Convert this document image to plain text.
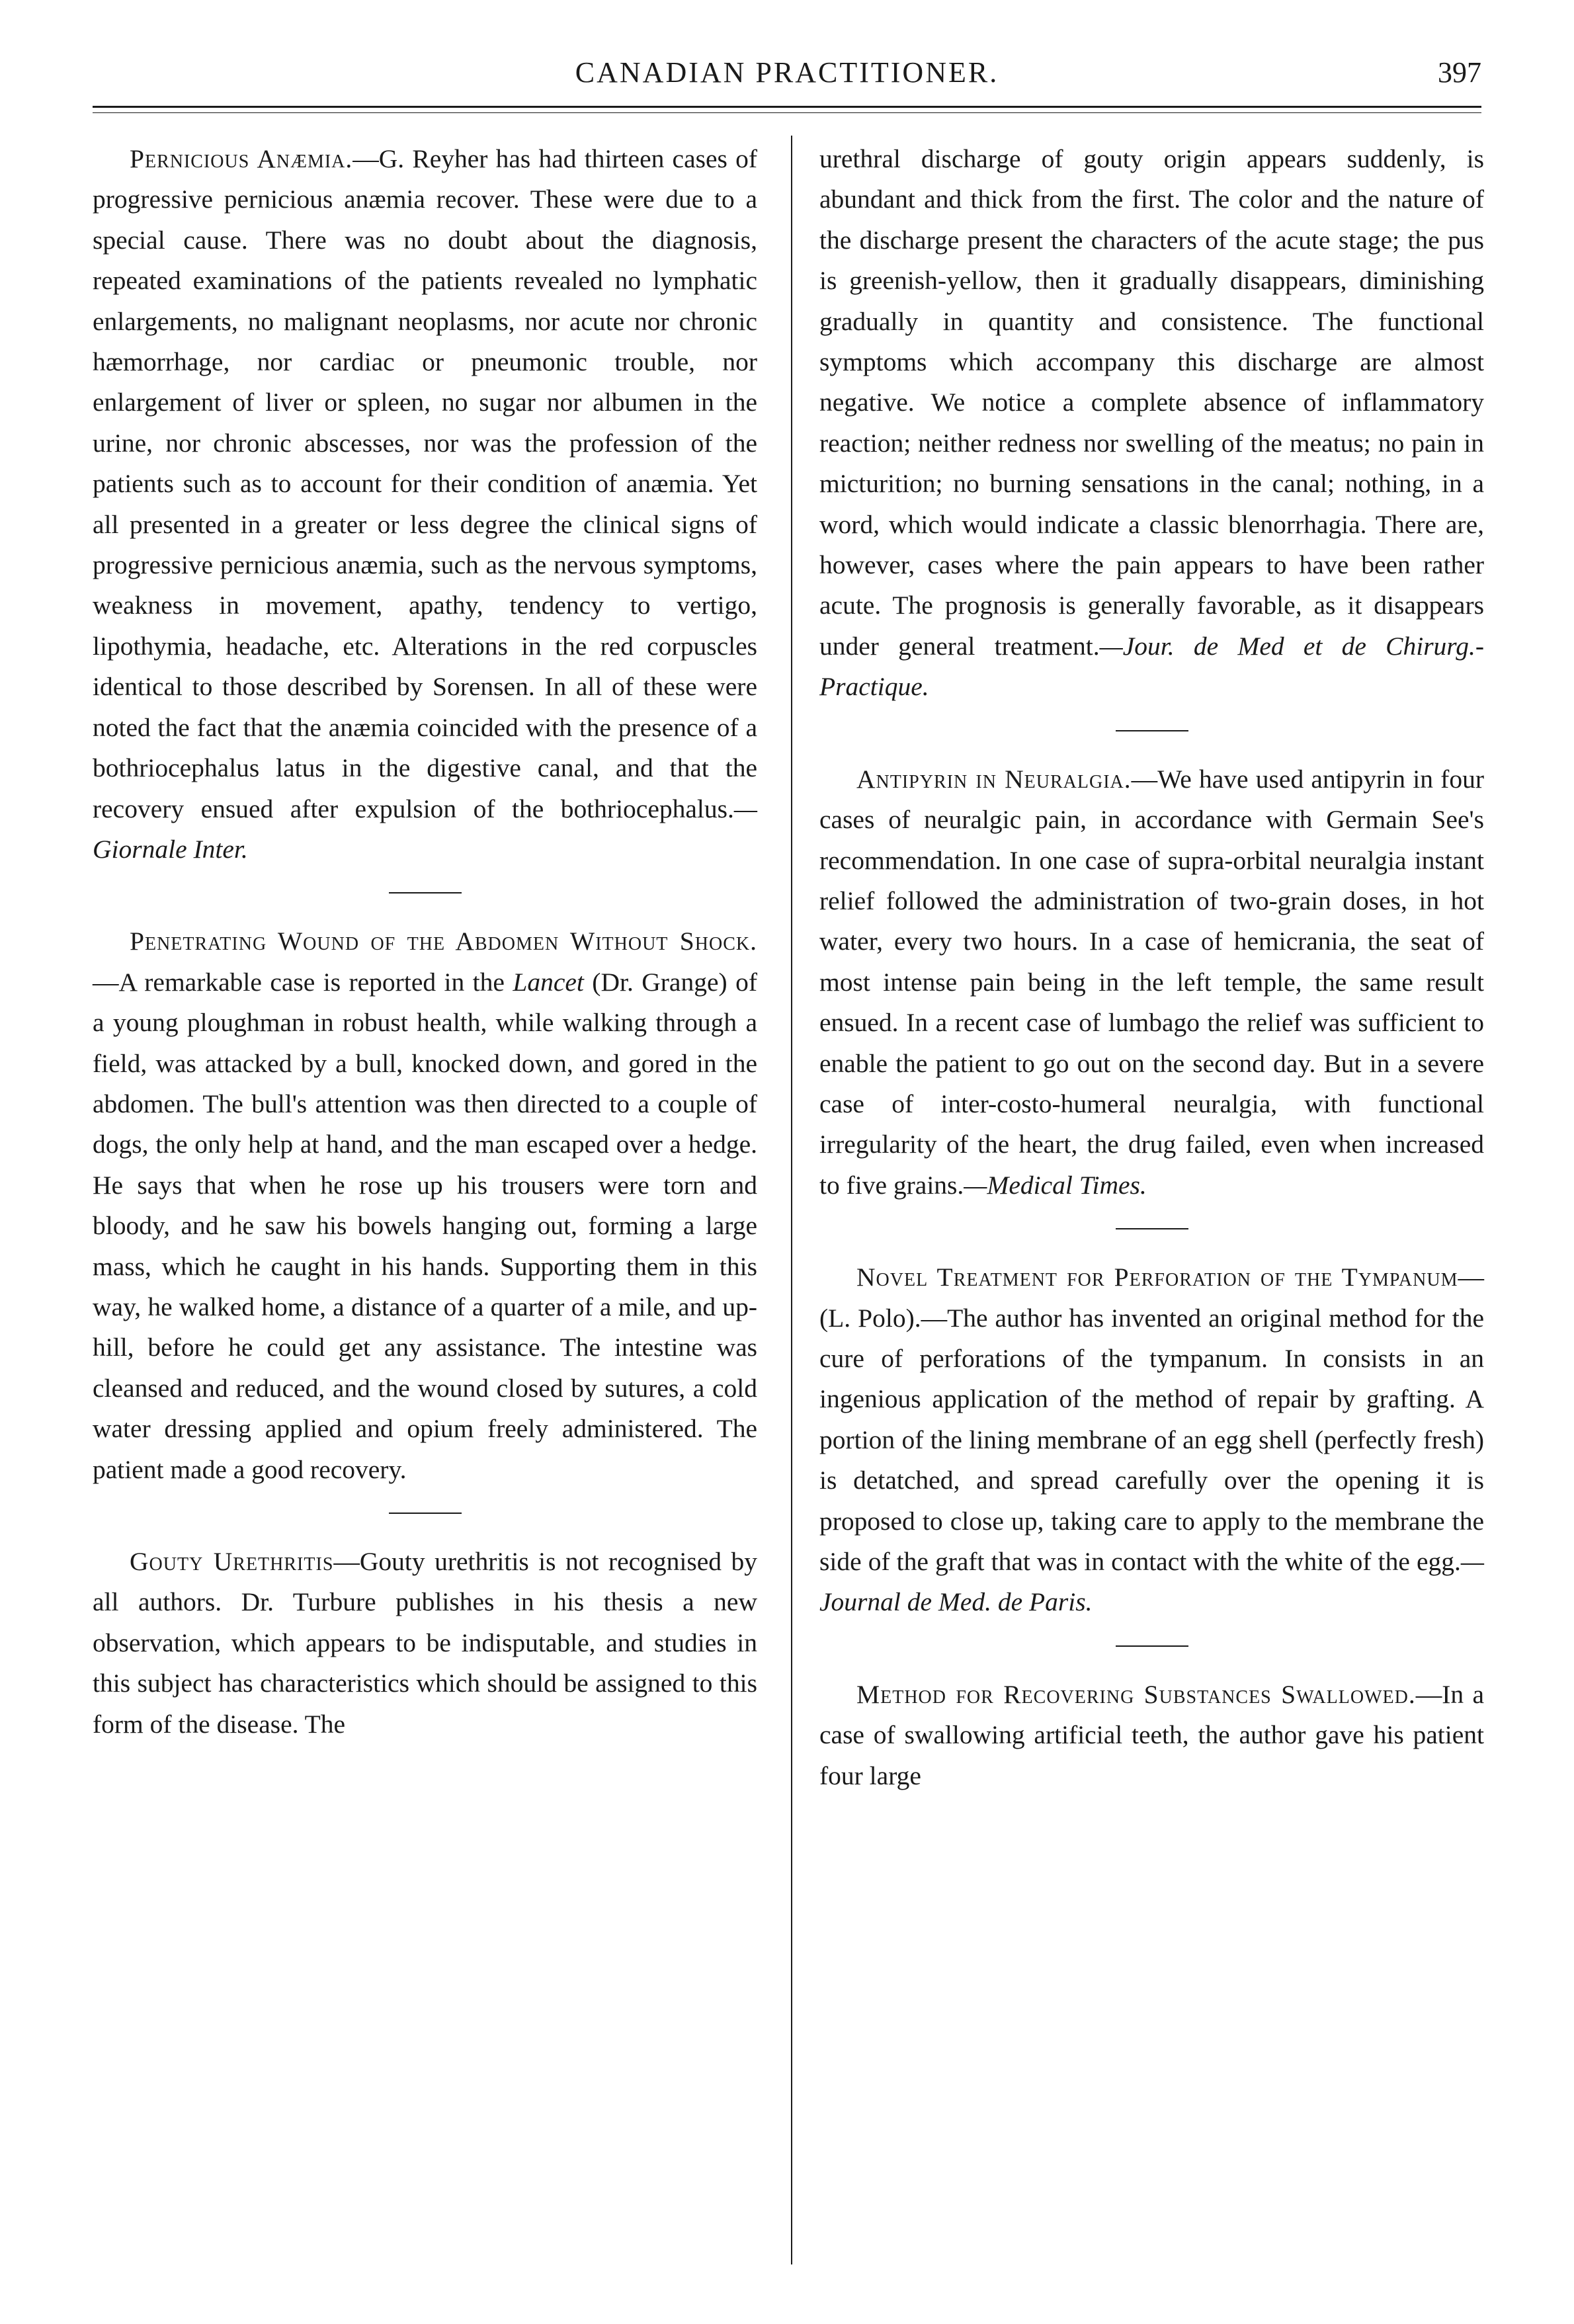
CANADIAN PRACTITIONER.	397

Pernicious Anæmia.—G. Reyher has had thirteen cases of progressive pernicious anæmia recover. These were due to a special cause. There was no doubt about the diagnosis, repeated examinations of the patients revealed no lymphatic enlargements, no malignant neoplasms, nor acute nor chronic hæmorrhage, nor cardiac or pneumonic trouble, nor enlargement of liver or spleen, no sugar nor albumen in the urine, nor chronic abscesses, nor was the profession of the patients such as to account for their condition of anæmia. Yet all presented in a greater or less degree the clinical signs of progressive pernicious anæmia, such as the nervous symptoms, weakness in movement, apathy, tendency to vertigo, lipothymia, headache, etc. Alterations in the red corpuscles identical to those described by Sorensen. In all of these were noted the fact that the anæmia coincided with the presence of a bothriocephalus latus in the digestive canal, and that the recovery ensued after expulsion of the bothriocephalus.—Giornale Inter.

Penetrating Wound of the Abdomen Without Shock.—A remarkable case is reported in the Lancet (Dr. Grange) of a young ploughman in robust health, while walking through a field, was attacked by a bull, knocked down, and gored in the abdomen. The bull's attention was then directed to a couple of dogs, the only help at hand, and the man escaped over a hedge. He says that when he rose up his trousers were torn and bloody, and he saw his bowels hanging out, forming a large mass, which he caught in his hands. Supporting them in this way, he walked home, a distance of a quarter of a mile, and up-hill, before he could get any assistance. The intestine was cleansed and reduced, and the wound closed by sutures, a cold water dressing applied and opium freely administered. The patient made a good recovery.

Gouty Urethritis—Gouty urethritis is not recognised by all authors. Dr. Turbure publishes in his thesis a new observation, which appears to be indisputable, and studies in this subject has characteristics which should be assigned to this form of the disease. The

urethral discharge of gouty origin appears suddenly, is abundant and thick from the first. The color and the nature of the discharge present the characters of the acute stage; the pus is greenish-yellow, then it gradually disappears, diminishing gradually in quantity and consistence. The functional symptoms which accompany this discharge are almost negative. We notice a complete absence of inflammatory reaction; neither redness nor swelling of the meatus; no pain in micturition; no burning sensations in the canal; nothing, in a word, which would indicate a classic blenorrhagia. There are, however, cases where the pain appears to have been rather acute. The prognosis is generally favorable, as it disappears under general treatment.—Jour. de Med et de Chirurg.-Practique.

Antipyrin in Neuralgia.—We have used antipyrin in four cases of neuralgic pain, in accordance with Germain See's recommendation. In one case of supra-orbital neuralgia instant relief followed the administration of two-grain doses, in hot water, every two hours. In a case of hemicrania, the seat of most intense pain being in the left temple, the same result ensued. In a recent case of lumbago the relief was sufficient to enable the patient to go out on the second day. But in a severe case of inter-costo-humeral neuralgia, with functional irregularity of the heart, the drug failed, even when increased to five grains.—Medical Times.

Novel Treatment for Perforation of the Tympanum—(L. Polo).—The author has invented an original method for the cure of perforations of the tympanum. In consists in an ingenious application of the method of repair by grafting. A portion of the lining membrane of an egg shell (perfectly fresh) is detatched, and spread carefully over the opening it is proposed to close up, taking care to apply to the membrane the side of the graft that was in contact with the white of the egg.—Journal de Med. de Paris.

Method for Recovering Substances Swallowed.—In a case of swallowing artificial teeth, the author gave his patient four large
